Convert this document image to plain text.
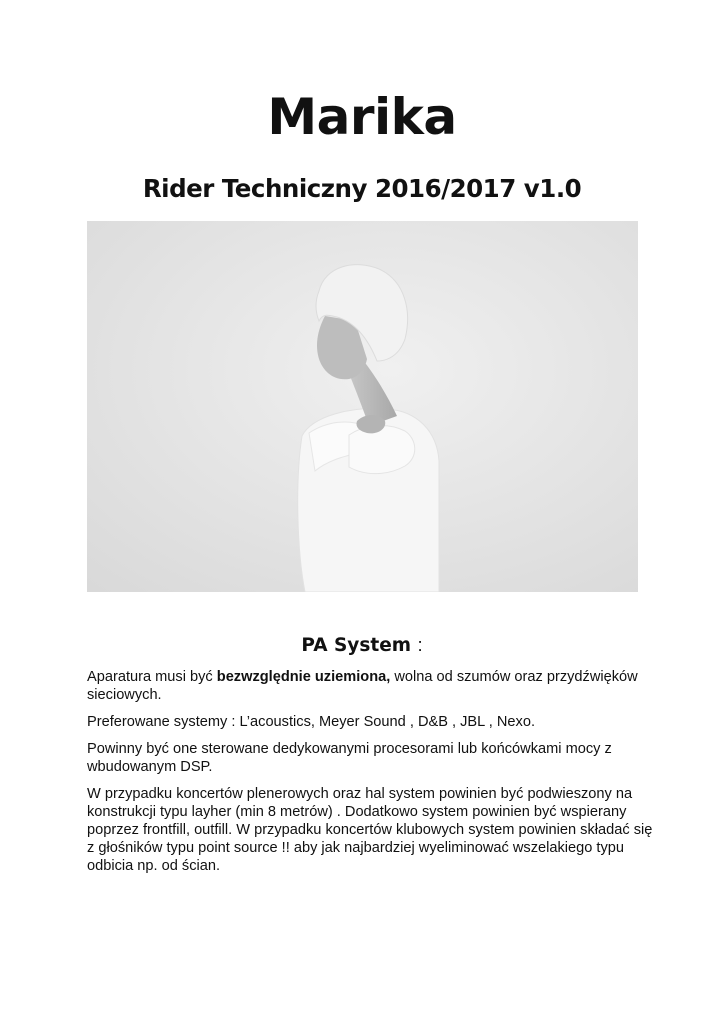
Marika
Rider Techniczny 2016/2017 v1.0
PA System :

Aparatura musi być bezwzględnie uziemiona, wolna od szumów oraz przydźwięków sieciowych.

Preferowane systemy : L’acoustics, Meyer Sound , D&B , JBL , Nexo.

Powinny być one sterowane dedykowanymi procesorami lub końcówkami mocy z wbudowanym DSP.

W przypadku koncertów plenerowych oraz hal system powinien być podwieszony na konstrukcji typu layher (min 8 metrów) . Dodatkowo system powinien być wspierany poprzez frontfill, outfill. W przypadku koncertów klubowych system powinien składać się z głośników typu point source !! aby jak najbardziej wyeliminować wszelakiego typu odbicia np. od ścian.
